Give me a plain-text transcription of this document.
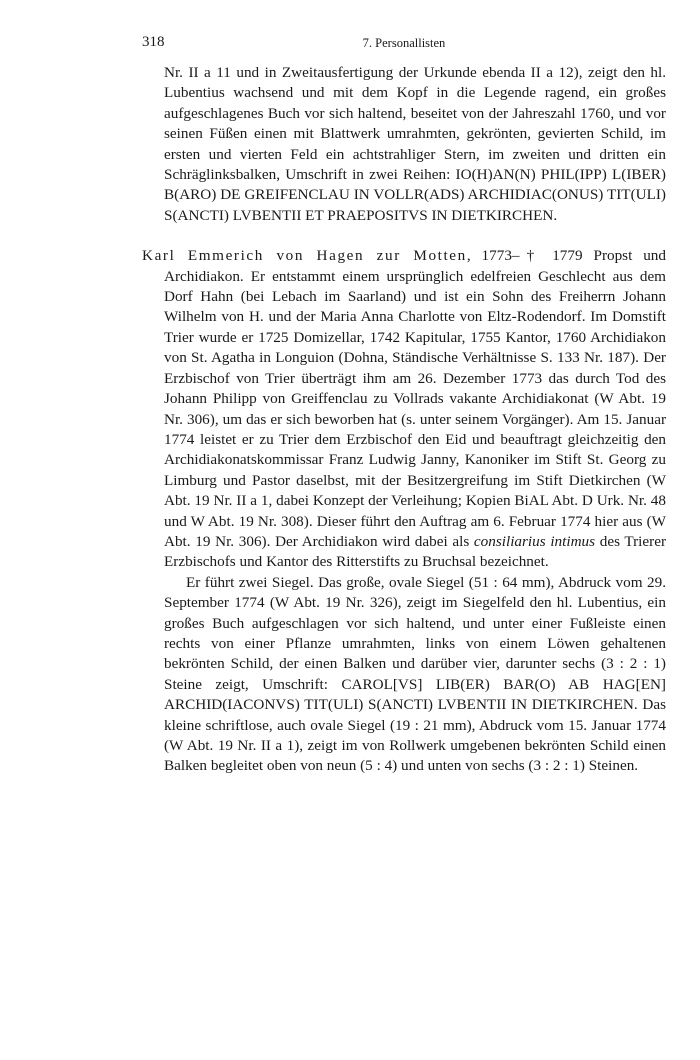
318	7. Personallisten

Nr. II a 11 und in Zweitausfertigung der Urkunde ebenda II a 12), zeigt den hl. Lubentius wachsend und mit dem Kopf in die Legende ragend, ein großes aufgeschlagenes Buch vor sich haltend, beseitet von der Jahreszahl 1760, und vor seinen Füßen einen mit Blattwerk umrahmten, gekrönten, gevierten Schild, im ersten und vierten Feld ein achtstrahliger Stern, im zweiten und dritten ein Schräglinksbalken, Umschrift in zwei Reihen: IO(H)AN(N) PHIL(IPP) L(IBER) B(ARO) DE GREIFENCLAU IN VOLLR(ADS) ARCHIDIAC(ONUS) TIT(ULI) S(ANCTI) LVBENTII ET PRAEPOSITVS IN DIETKIRCHEN.

Karl Emmerich von Hagen zur Motten, 1773–† 1779 Propst und Archidiakon. Er entstammt einem ursprünglich edelfreien Geschlecht aus dem Dorf Hahn (bei Lebach im Saarland) und ist ein Sohn des Freiherrn Johann Wilhelm von H. und der Maria Anna Charlotte von Eltz-Rodendorf. Im Domstift Trier wurde er 1725 Domizellar, 1742 Kapitular, 1755 Kantor, 1760 Archidiakon von St. Agatha in Longuion (Dohna, Ständische Verhältnisse S. 133 Nr. 187). Der Erzbischof von Trier überträgt ihm am 26. Dezember 1773 das durch Tod des Johann Philipp von Greiffenclau zu Vollrads vakante Archidiakonat (W Abt. 19 Nr. 306), um das er sich beworben hat (s. unter seinem Vorgänger). Am 15. Januar 1774 leistet er zu Trier dem Erzbischof den Eid und beauftragt gleichzeitig den Archidiakonatskommissar Franz Ludwig Janny, Kanoniker im Stift St. Georg zu Limburg und Pastor daselbst, mit der Besitzergreifung im Stift Dietkirchen (W Abt. 19 Nr. II a 1, dabei Konzept der Verleihung; Kopien BiAL Abt. D Urk. Nr. 48 und W Abt. 19 Nr. 308). Dieser führt den Auftrag am 6. Februar 1774 hier aus (W Abt. 19 Nr. 306). Der Archidiakon wird dabei als consiliarius intimus des Trierer Erzbischofs und Kantor des Ritterstifts zu Bruchsal bezeichnet.

Er führt zwei Siegel. Das große, ovale Siegel (51 : 64 mm), Abdruck vom 29. September 1774 (W Abt. 19 Nr. 326), zeigt im Siegelfeld den hl. Lubentius, ein großes Buch aufgeschlagen vor sich haltend, und unter einer Fußleiste einen rechts von einer Pflanze umrahmten, links von einem Löwen gehaltenen bekrönten Schild, der einen Balken und darüber vier, darunter sechs (3 : 2 : 1) Steine zeigt, Umschrift: CAROL[VS] LIB(ER) BAR(O) AB HAG[EN] ARCHID(IACONVS) TIT(ULI) S(ANCTI) LVBENTII IN DIETKIRCHEN. Das kleine schriftlose, auch ovale Siegel (19 : 21 mm), Abdruck vom 15. Januar 1774 (W Abt. 19 Nr. II a 1), zeigt im von Rollwerk umgebenen bekrönten Schild einen Balken begleitet oben von neun (5 : 4) und unten von sechs (3 : 2 : 1) Steinen.
